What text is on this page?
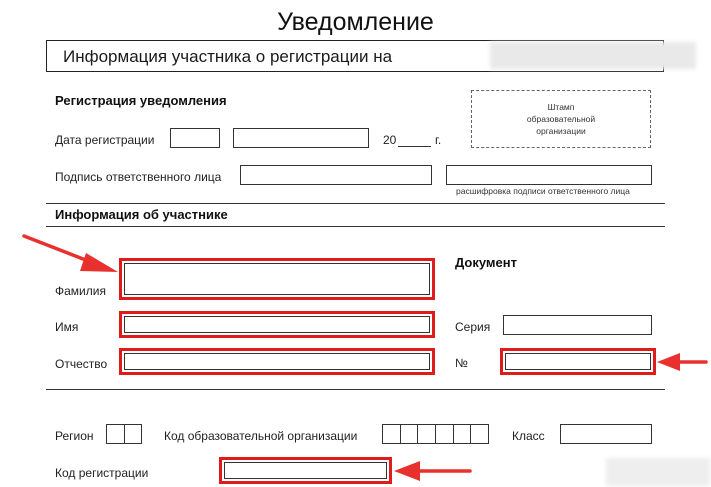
Уведомление
Информация участника о регистрации на
Регистрация уведомления
Дата регистрации	20	г.
Штамп
образовательной
организации
Подпись ответственного лица
расшифровка подписи ответственного лица
Информация об участнике
Фамилия
Имя
Отчество
Документ
Серия
№
Регион	Код образовательной организации	Класс
Код регистрации
